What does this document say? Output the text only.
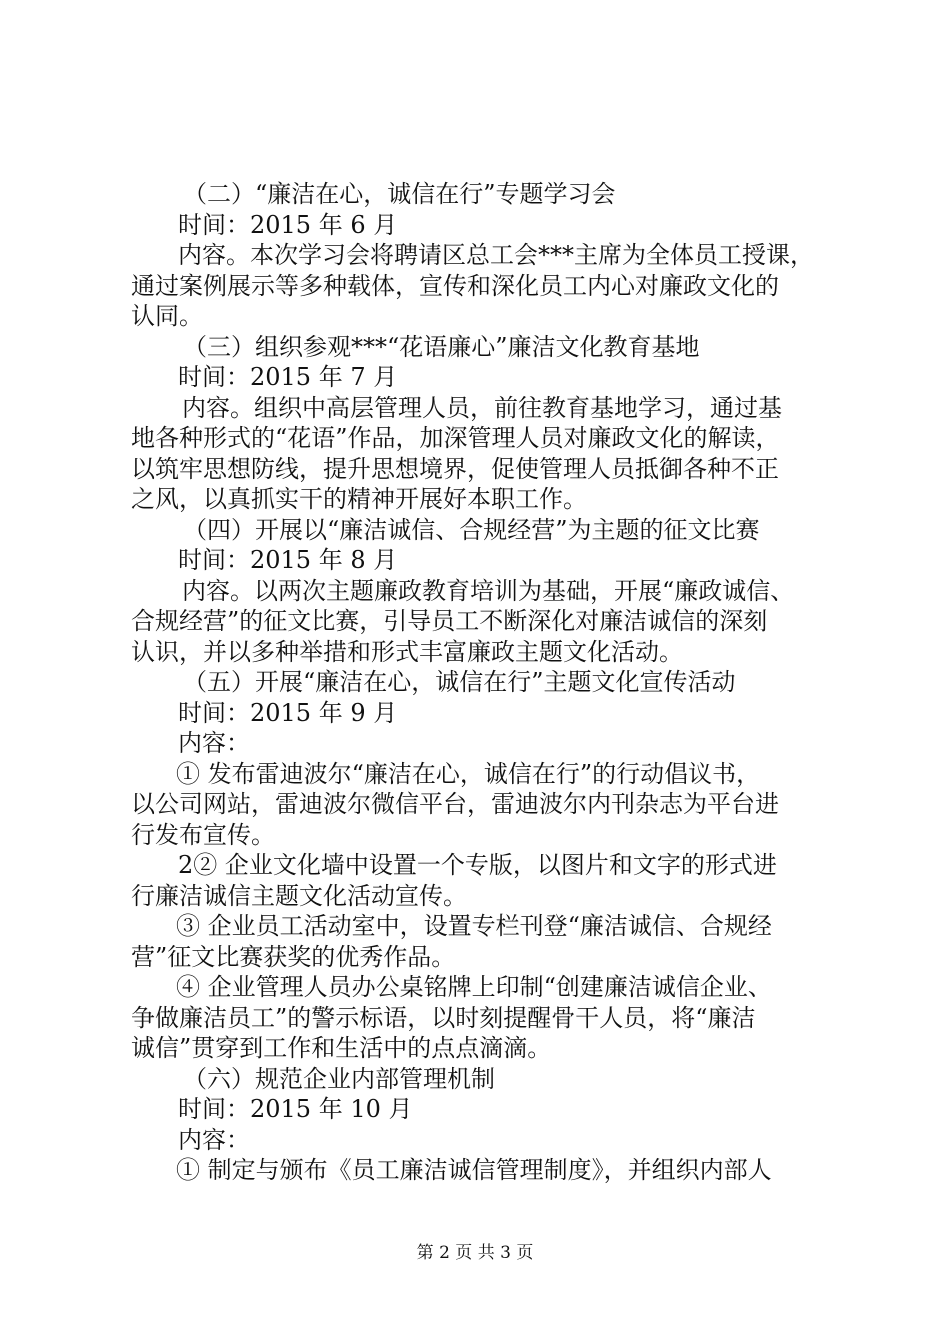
（二）“廉洁在心，诚信在行”专题学习会
时间：2015 年 6 月
内容。本次学习会将聘请区总工会***主席为全体员工授课，
通过案例展示等多种载体，宣传和深化员工内心对廉政文化的
认同。
（三）组织参观***“花语廉心”廉洁文化教育基地
时间：2015 年 7 月
内容。组织中高层管理人员，前往教育基地学习，通过基
地各种形式的“花语”作品，加深管理人员对廉政文化的解读，
以筑牢思想防线，提升思想境界，促使管理人员抵御各种不正
之风，以真抓实干的精神开展好本职工作。
（四）开展以“廉洁诚信、合规经营”为主题的征文比赛
时间：2015 年 8 月
内容。以两次主题廉政教育培训为基础，开展“廉政诚信、
合规经营”的征文比赛，引导员工不断深化对廉洁诚信的深刻
认识，并以多种举措和形式丰富廉政主题文化活动。
（五）开展“廉洁在心，诚信在行”主题文化宣传活动
时间：2015 年 9 月
内容：
① 发布雷迪波尔“廉洁在心，诚信在行”的行动倡议书，
以公司网站，雷迪波尔微信平台，雷迪波尔内刊杂志为平台进
行发布宣传。
2② 企业文化墙中设置一个专版，以图片和文字的形式进
行廉洁诚信主题文化活动宣传。
③ 企业员工活动室中，设置专栏刊登“廉洁诚信、合规经
营”征文比赛获奖的优秀作品。
④ 企业管理人员办公桌铭牌上印制“创建廉洁诚信企业、
争做廉洁员工”的警示标语，以时刻提醒骨干人员，将“廉洁
诚信”贯穿到工作和生活中的点点滴滴。
（六）规范企业内部管理机制
时间：2015 年 10 月
内容：
① 制定与颁布《员工廉洁诚信管理制度》，并组织内部人
第 2 页 共 3 页
